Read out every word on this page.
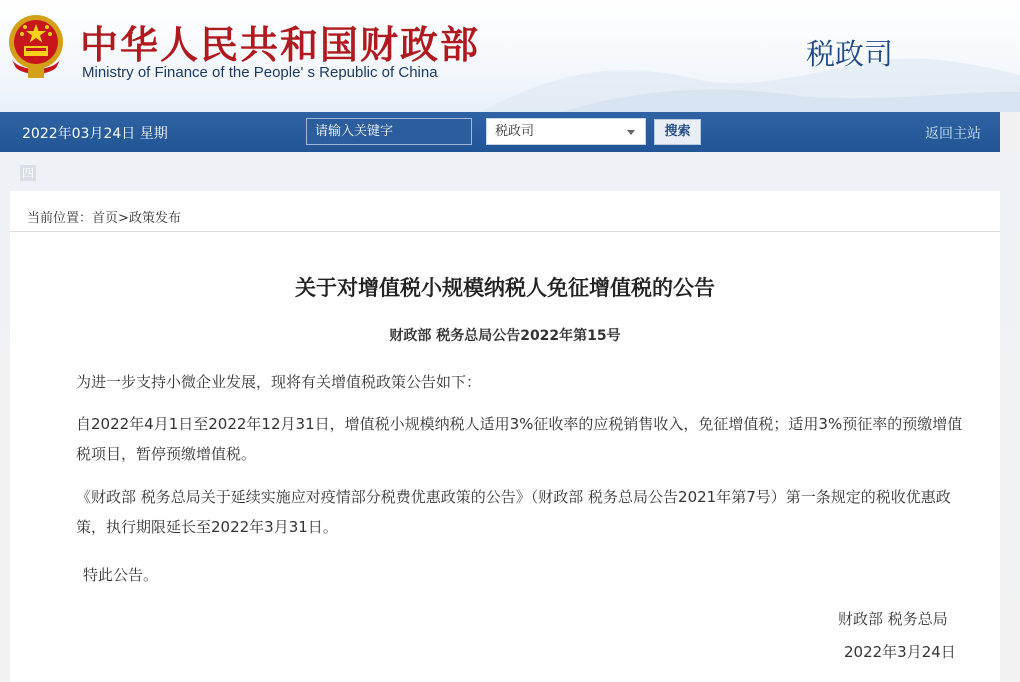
中华人民共和国财政部
Ministry of Finance of the People' s Republic of China
税政司
2022年03月24日 星期
请输入关键字	税政司	搜索	返回主站
四
当前位置：首页>政策发布
关于对增值税小规模纳税人免征增值税的公告
财政部 税务总局公告2022年第15号
为进一步支持小微企业发展，现将有关增值税政策公告如下：
自2022年4月1日至2022年12月31日，增值税小规模纳税人适用3%征收率的应税销售收入，免征增值税；适用3%预征率的预缴增值税项目，暂停预缴增值税。
《财政部 税务总局关于延续实施应对疫情部分税费优惠政策的公告》（财政部 税务总局公告2021年第7号）第一条规定的税收优惠政策，执行期限延长至2022年3月31日。
特此公告。
财政部 税务总局
2022年3月24日
